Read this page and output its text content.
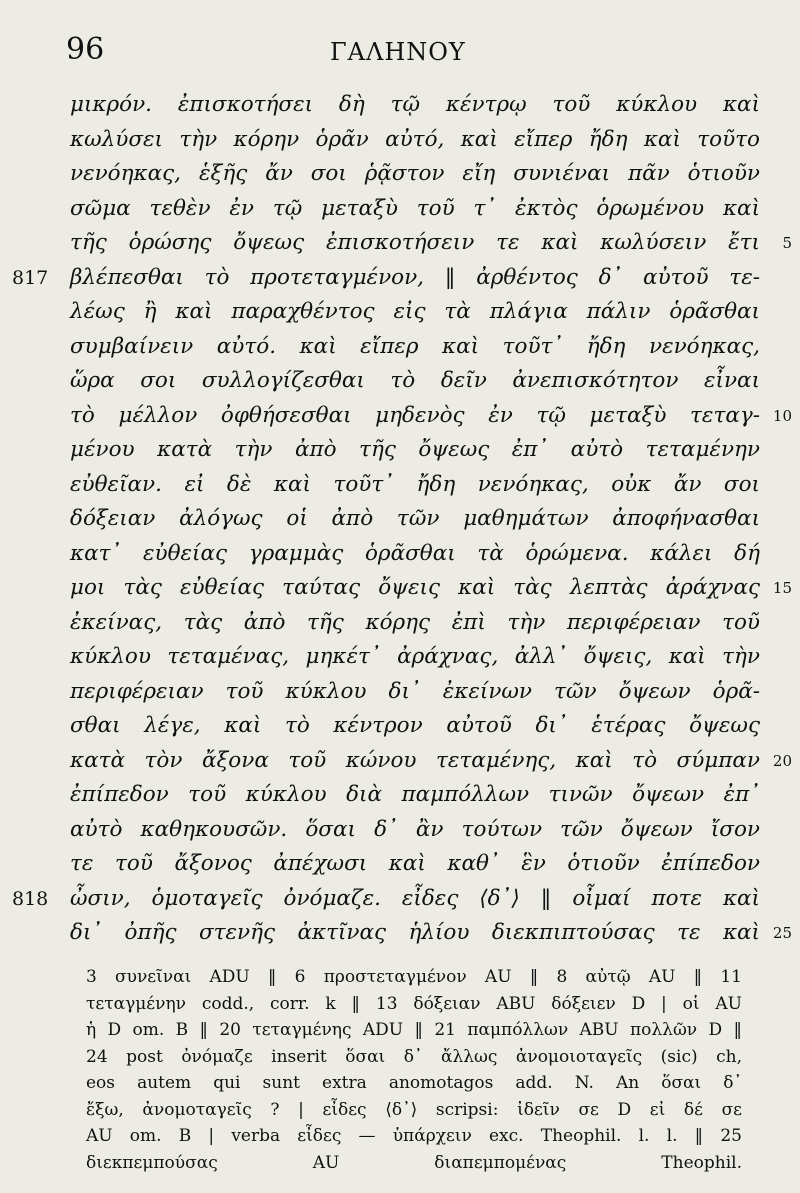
96	ΓΑΛΗΝΟΥ
μικρόν. ἐπισκοτήσει δὴ τῷ κέντρῳ τοῦ κύκλου καὶ
κωλύσει τὴν κόρην ὁρᾶν αὐτό, καὶ εἴπερ ἤδη καὶ τοῦτο
νενόηκας, ἑξῆς ἄν σοι ῥᾷστον εἴη συνιέναι πᾶν ὁτιοῦν
σῶμα τεθὲν ἐν τῷ μεταξὺ τοῦ τ᾿ ἐκτὸς ὁρωμένου καὶ
τῆς ὁρώσης ὄψεως ἐπισκοτήσειν τε καὶ κωλύσειν ἔτι 5
βλέπεσθαι τὸ προτεταγμένον, ‖ ἀρθέντος δ᾿ αὐτοῦ τε-
817
λέως ἢ καὶ παραχθέντος εἰς τὰ πλάγια πάλιν ὁρᾶσθαι
συμβαίνειν αὐτό. καὶ εἴπερ καὶ τοῦτ᾿ ἤδη νενόηκας,
ὥρα σοι συλλογίζεσθαι τὸ δεῖν ἀνεπισκότητον εἶναι
τὸ μέλλον ὀφθήσεσθαι μηδενὸς ἐν τῷ μεταξὺ τεταγ- 10
μένου κατὰ τὴν ἀπὸ τῆς ὄψεως ἐπ᾿ αὐτὸ τεταμένην
εὐθεῖαν. εἰ δὲ καὶ τοῦτ᾿ ἤδη νενόηκας, οὐκ ἄν σοι
δόξειαν ἀλόγως οἱ ἀπὸ τῶν μαθημάτων ἀποφήνασθαι
κατ᾿ εὐθείας γραμμὰς ὁρᾶσθαι τὰ ὁρώμενα. κάλει δή
μοι τὰς εὐθείας ταύτας ὄψεις καὶ τὰς λεπτὰς ἀράχνας 15
ἐκείνας, τὰς ἀπὸ τῆς κόρης ἐπὶ τὴν περιφέρειαν τοῦ
κύκλου τεταμένας, μηκέτ᾿ ἀράχνας, ἀλλ᾿ ὄψεις, καὶ τὴν
περιφέρειαν τοῦ κύκλου δι᾿ ἐκείνων τῶν ὄψεων ὁρᾶ-
σθαι λέγε, καὶ τὸ κέντρον αὐτοῦ δι᾿ ἑτέρας ὄψεως
κατὰ τὸν ἄξονα τοῦ κώνου τεταμένης, καὶ τὸ σύμπαν 20
ἐπίπεδον τοῦ κύκλου διὰ παμπόλλων τινῶν ὄψεων ἐπ᾿
αὐτὸ καθηκουσῶν. ὅσαι δ᾿ ἂν τούτων τῶν ὄψεων ἴσον
τε τοῦ ἄξονος ἀπέχωσι καὶ καθ᾿ ἓν ὁτιοῦν ἐπίπεδον
ὦσιν, ὁμοταγεῖς ὀνόμαζε. εἶδες ⟨δ᾿⟩ ‖ οἶμαί ποτε καὶ
818
δι᾿ ὀπῆς στενῆς ἀκτῖνας ἡλίου διεκπιπτούσας τε καὶ 25
3 συνεῖναι ADU ‖ 6 προστεταγμένον AU ‖ 8 αὐτῷ AU ‖ 11
τεταγμένην codd., corr. k ‖ 13 δόξειαν ABU δόξειεν D | οἱ AU
ἡ D om. B ‖ 20 τεταγμένης ADU ‖ 21 παμπόλλων ABU πολλῶν D ‖
24 post ὀνόμαζε inserit ὅσαι δ᾿ ἄλλως ἀνομοιοταγεῖς (sic) ch,
eos autem qui sunt extra anomotagos add. N. An ὅσαι δ᾿
ἔξω, ἀνομοταγεῖς ? | εἶδες ⟨δ᾿⟩ scripsi: ἰδεῖν σε D εἰ δέ σε
AU om. B | verba εἶδες — ὑπάρχειν exc. Theophil. l. l. ‖ 25
διεκπεμπούσας AU διαπεμπομένας Theophil.
